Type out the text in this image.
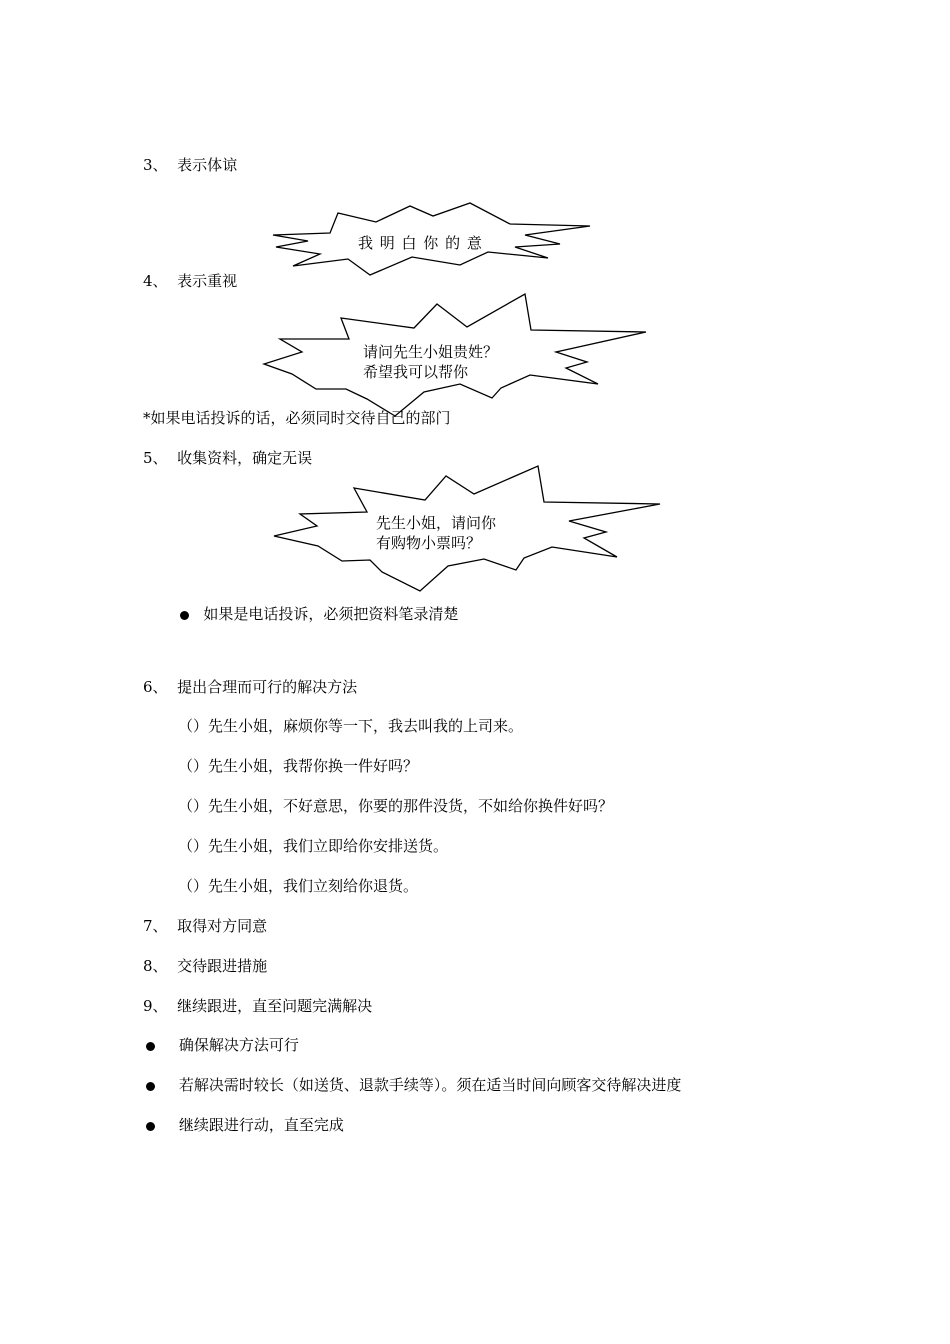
3、 表示体谅
我 明 白 你 的 意
4、 表示重视
请问先生小姐贵姓？
希望我可以帮你
*如果电话投诉的话，必须同时交待自己的部门
5、 收集资料，确定无误
先生小姐，请问你
有购物小票吗？
如果是电话投诉，必须把资料笔录清楚
6、 提出合理而可行的解决方法
（）先生小姐，麻烦你等一下，我去叫我的上司来。
（）先生小姐，我帮你换一件好吗？
（）先生小姐，不好意思，你要的那件没货，不如给你换件好吗？
（）先生小姐，我们立即给你安排送货。
（）先生小姐，我们立刻给你退货。
7、 取得对方同意
8、 交待跟进措施
9、 继续跟进，直至问题完满解决
确保解决方法可行
若解决需时较长（如送货、退款手续等）。须在适当时间向顾客交待解决进度
继续跟进行动，直至完成
